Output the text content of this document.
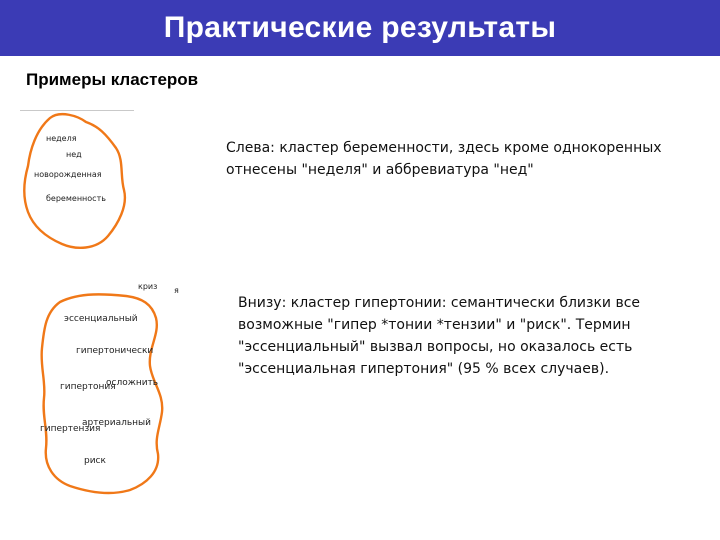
Практические результаты
Примеры кластеров
неделя
нед
новорожденная
беременность
криз я
эссенциальный
гипертонически
гипертония
осложнить
артериальный
гипертензия
риск

Слева: кластер беременности, здесь кроме однокоренных

отнесены "неделя" и аббревиатура "нед"

Внизу: кластер гипертонии: семантически близки все

возможные "гипер *тонии *тензии" и "риск". Термин

"эссенциальный" вызвал вопросы, но оказалось есть

"эссенциальная гипертония" (95 % всех случаев).
